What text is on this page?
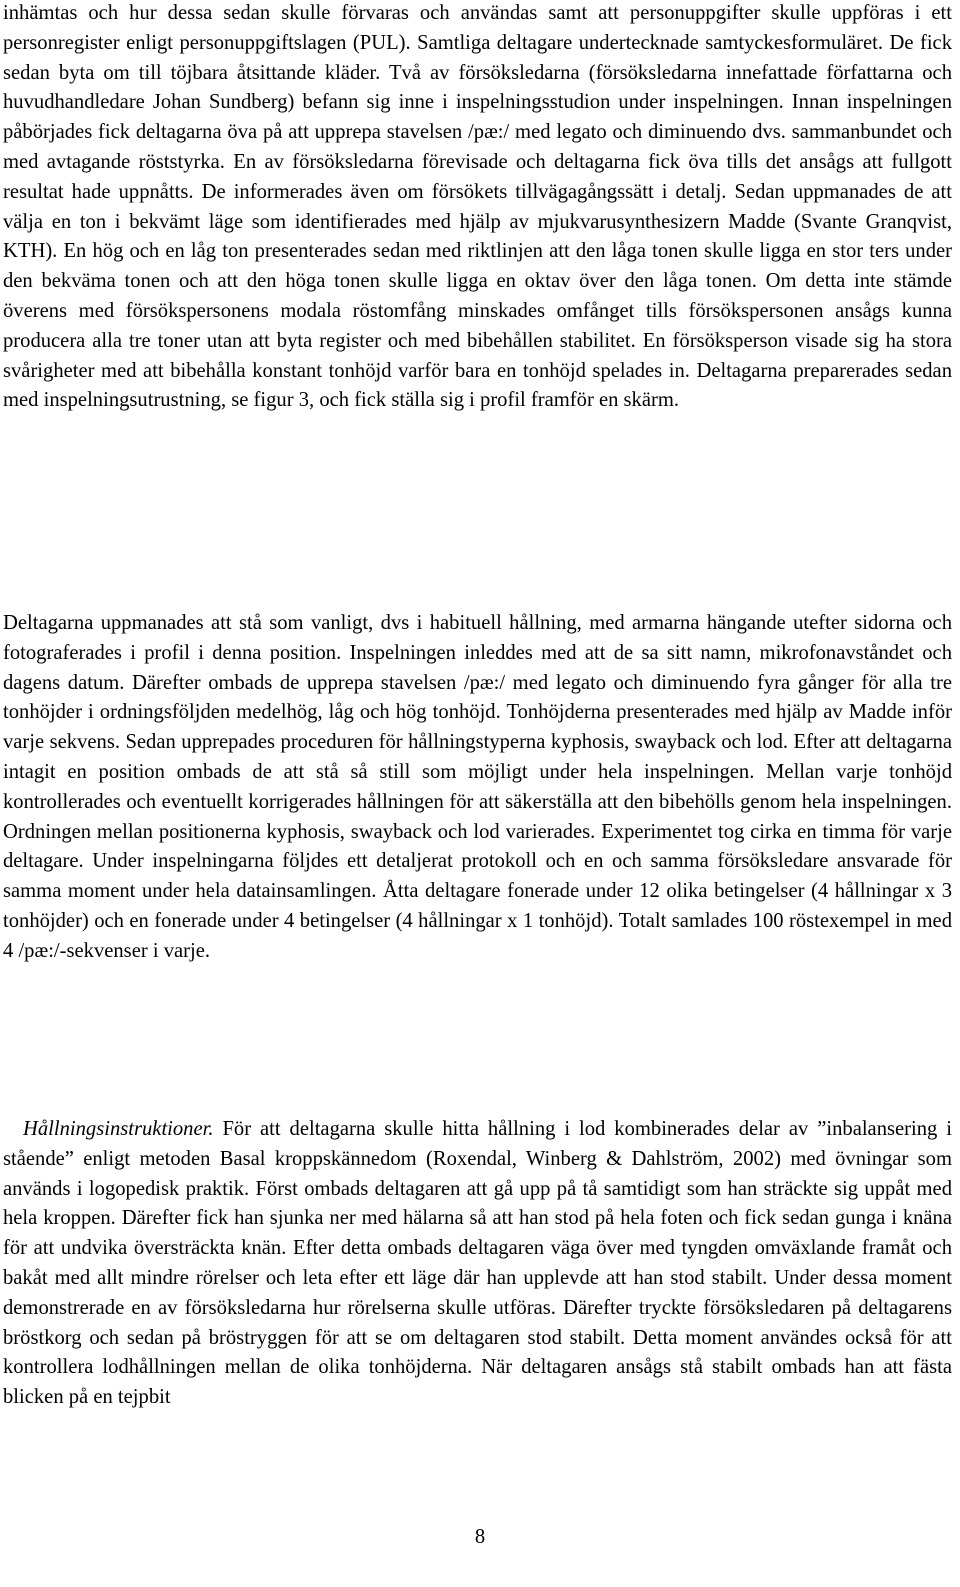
inhämtas och hur dessa sedan skulle förvaras och användas samt att personuppgifter skulle uppföras i ett personregister enligt personuppgiftslagen (PUL). Samtliga deltagare undertecknade samtyckesformuläret. De fick sedan byta om till töjbara åtsittande kläder. Två av försöksledarna (försöksledarna innefattade författarna och huvudhandledare Johan Sundberg) befann sig inne i inspelningsstudion under inspelningen. Innan inspelningen påbörjades fick deltagarna öva på att upprepa stavelsen /pæ:/ med legato och diminuendo dvs. sammanbundet och med avtagande röststyrka. En av försöksledarna förevisade och deltagarna fick öva tills det ansågs att fullgott resultat hade uppnåtts. De informerades även om försökets tillvägagångssätt i detalj. Sedan uppmanades de att välja en ton i bekvämt läge som identifierades med hjälp av mjukvarusynthesizern Madde (Svante Granqvist, KTH). En hög och en låg ton presenterades sedan med riktlinjen att den låga tonen skulle ligga en stor ters under den bekväma tonen och att den höga tonen skulle ligga en oktav över den låga tonen. Om detta inte stämde överens med försökspersonens modala röstomfång minskades omfånget tills försökspersonen ansågs kunna producera alla tre toner utan att byta register och med bibehållen stabilitet. En försöksperson visade sig ha stora svårigheter med att bibehålla konstant tonhöjd varför bara en tonhöjd spelades in. Deltagarna preparerades sedan med inspelningsutrustning, se figur 3, och fick ställa sig i profil framför en skärm.

Deltagarna uppmanades att stå som vanligt, dvs i habituell hållning, med armarna hängande utefter sidorna och fotograferades i profil i denna position. Inspelningen inleddes med att de sa sitt namn, mikrofonavståndet och dagens datum. Därefter ombads de upprepa stavelsen /pæ:/ med legato och diminuendo fyra gånger för alla tre tonhöjder i ordningsföljden medelhög, låg och hög tonhöjd. Tonhöjderna presenterades med hjälp av Madde inför varje sekvens. Sedan upprepades proceduren för hållningstyperna kyphosis, swayback och lod. Efter att deltagarna intagit en position ombads de att stå så still som möjligt under hela inspelningen. Mellan varje tonhöjd kontrollerades och eventuellt korrigerades hållningen för att säkerställa att den bibehölls genom hela inspelningen. Ordningen mellan positionerna kyphosis, swayback och lod varierades. Experimentet tog cirka en timma för varje deltagare. Under inspelningarna följdes ett detaljerat protokoll och en och samma försöksledare ansvarade för samma moment under hela datainsamlingen. Åtta deltagare fonerade under 12 olika betingelser (4 hållningar x 3 tonhöjder) och en fonerade under 4 betingelser (4 hållningar x 1 tonhöjd). Totalt samlades 100 röstexempel in med 4 /pæ:/-sekvenser i varje.

Hållningsinstruktioner. För att deltagarna skulle hitta hållning i lod kombinerades delar av ”inbalansering i stående” enligt metoden Basal kroppskännedom (Roxendal, Winberg & Dahlström, 2002) med övningar som används i logopedisk praktik. Först ombads deltagaren att gå upp på tå samtidigt som han sträckte sig uppåt med hela kroppen. Därefter fick han sjunka ner med hälarna så att han stod på hela foten och fick sedan gunga i knäna för att undvika översträckta knän. Efter detta ombads deltagaren väga över med tyngden omväxlande framåt och bakåt med allt mindre rörelser och leta efter ett läge där han upplevde att han stod stabilt. Under dessa moment demonstrerade en av försöksledarna hur rörelserna skulle utföras. Därefter tryckte försöksledaren på deltagarens bröstkorg och sedan på bröstryggen för att se om deltagaren stod stabilt. Detta moment användes också för att kontrollera lodhållningen mellan de olika tonhöjderna. När deltagaren ansågs stå stabilt ombads han att fästa blicken på en tejpbit

8
